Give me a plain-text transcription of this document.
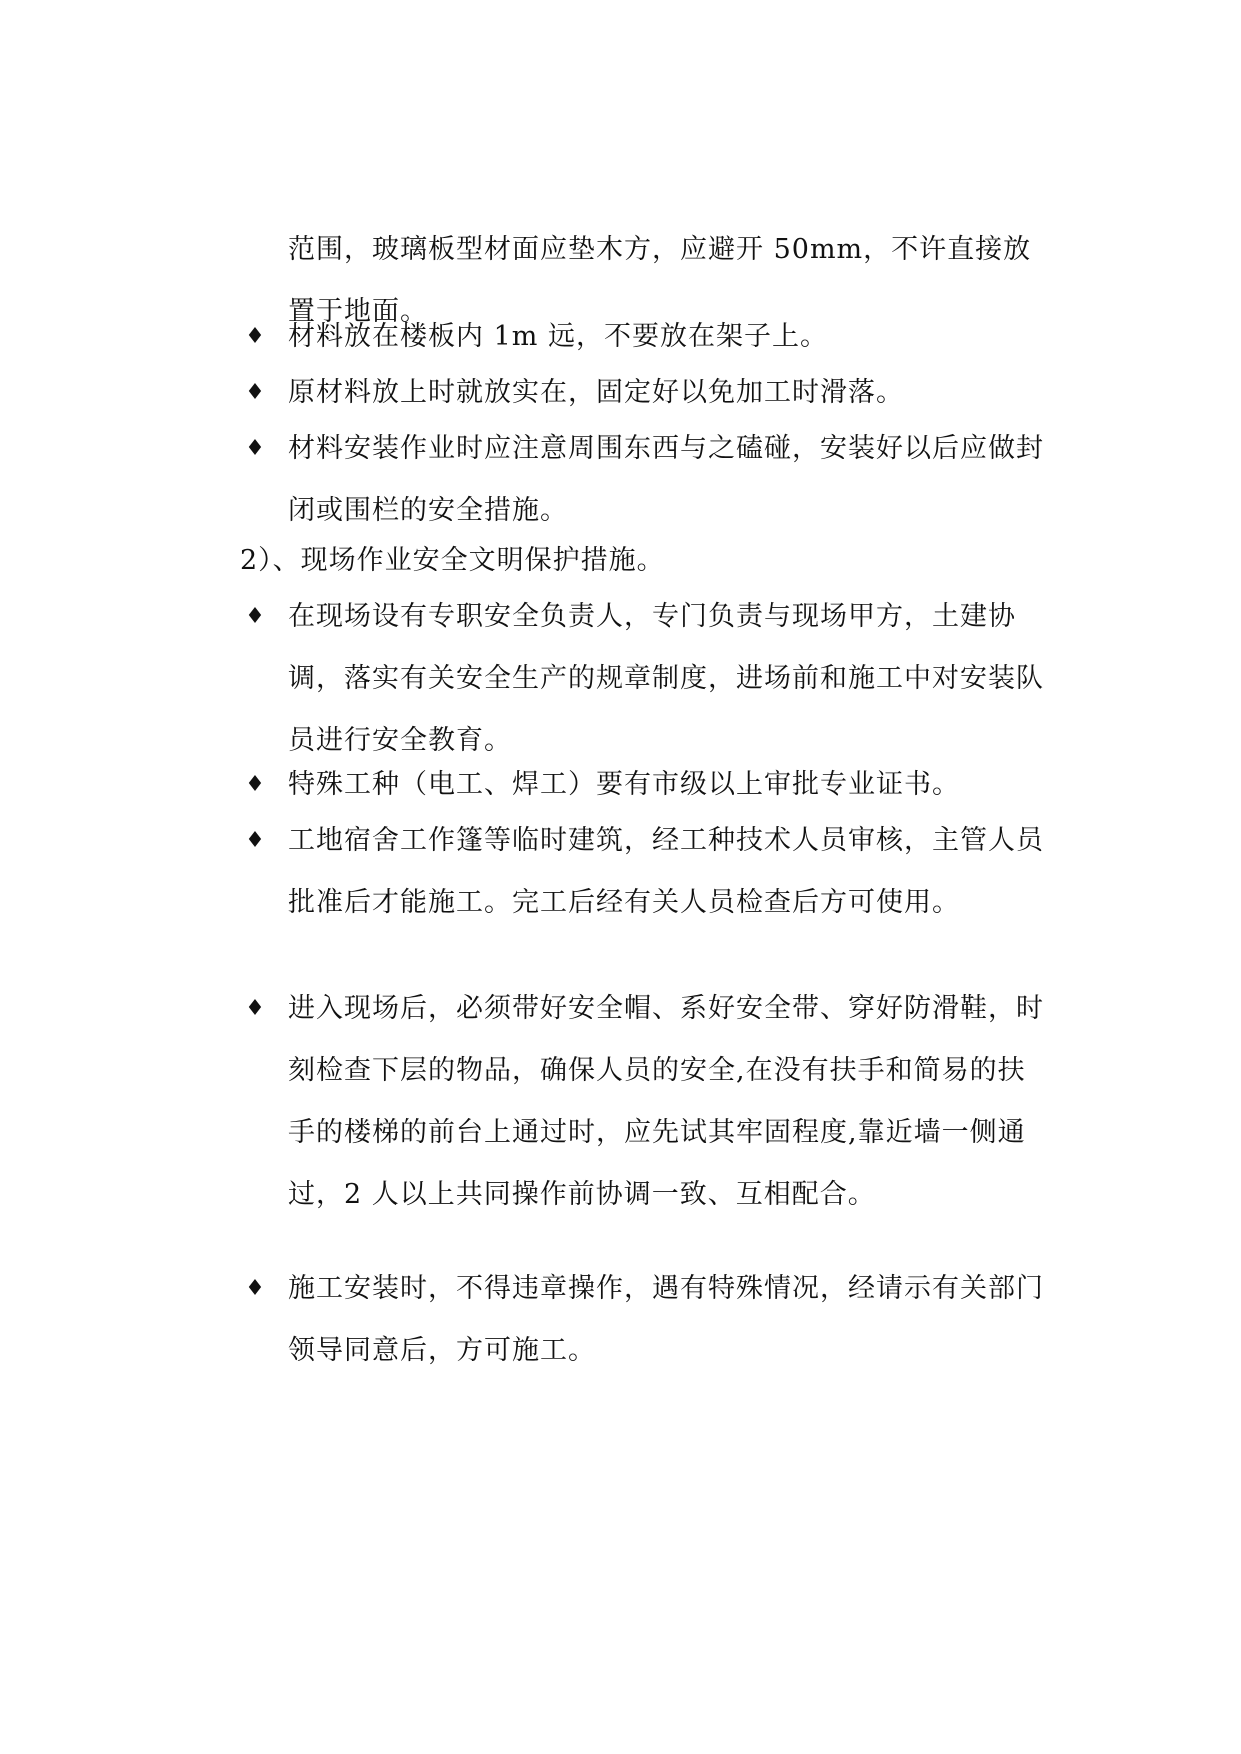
范围，玻璃板型材面应垫木方，应避开 50mm，不许直接放置于地面。

♦ 材料放在楼板内 1m 远，不要放在架子上。

♦ 原材料放上时就放实在，固定好以免加工时滑落。

♦ 材料安装作业时应注意周围东西与之磕碰，安装好以后应做封闭或围栏的安全措施。

2）、现场作业安全文明保护措施。

♦ 在现场设有专职安全负责人，专门负责与现场甲方，土建协调，落实有关安全生产的规章制度，进场前和施工中对安装队员进行安全教育。

♦ 特殊工种（电工、焊工）要有市级以上审批专业证书。

♦ 工地宿舍工作篷等临时建筑，经工种技术人员审核，主管人员批准后才能施工。完工后经有关人员检查后方可使用。

♦ 进入现场后，必须带好安全帽、系好安全带、穿好防滑鞋，时刻检查下层的物品，确保人员的安全,在没有扶手和简易的扶手的楼梯的前台上通过时，应先试其牢固程度,靠近墙一侧通过，2 人以上共同操作前协调一致、互相配合。

♦ 施工安装时，不得违章操作，遇有特殊情况，经请示有关部门领导同意后，方可施工。
